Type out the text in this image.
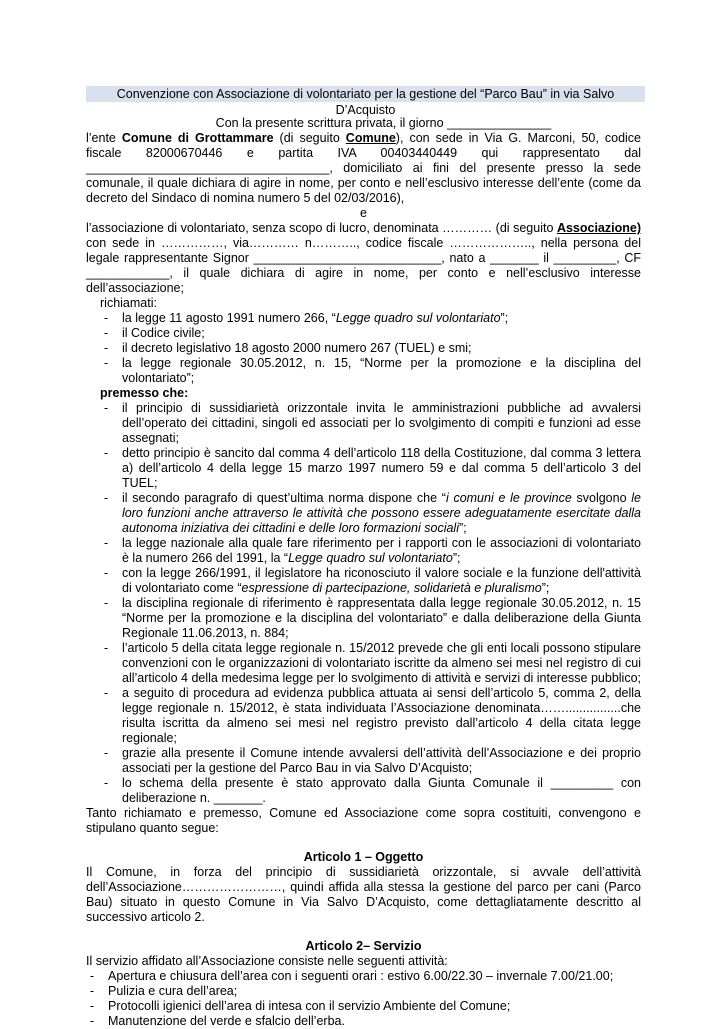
Convenzione con Associazione di volontariato per la gestione del “Parco Bau” in via Salvo D’Acquisto
Con la presente scrittura privata, il giorno _______________

l’ente Comune di Grottammare (di seguito Comune), con sede in Via G. Marconi, 50, codice fiscale 82000670446 e partita IVA 00403440449 qui rappresentato dal ___________________________________, domiciliato ai fini del presente presso la sede comunale, il quale dichiara di agire in nome, per conto e nell’esclusivo interesse dell’ente (come da decreto del Sindaco di nomina numero 5 del 02/03/2016),

e

l’associazione di volontariato, senza scopo di lucro, denominata ………… (di seguito Associazione) con sede in ……………, via………… n……….., codice fiscale ……………….., nella persona del legale rappresentante Signor ___________________________, nato a _______ il _________, CF ____________, il quale dichiara di agire in nome, per conto e nell’esclusivo interesse dell’associazione;

richiamati:

- la legge 11 agosto 1991 numero 266, “Legge quadro sul volontariato”;
- il Codice civile;
- il decreto legislativo 18 agosto 2000 numero 267 (TUEL) e smi;
- la legge regionale 30.05.2012, n. 15, “Norme per la promozione e la disciplina del volontariato”;

premesso che:

- il principio di sussidiarietà orizzontale invita le amministrazioni pubbliche ad avvalersi dell’operato dei cittadini, singoli ed associati per lo svolgimento di compiti e funzioni ad esse assegnati;
- detto principio è sancito dal comma 4 dell’articolo 118 della Costituzione, dal comma 3 lettera a) dell’articolo 4 della legge 15 marzo 1997 numero 59 e dal comma 5 dell’articolo 3 del TUEL;
- il secondo paragrafo di quest’ultima norma dispone che “i comuni e le province svolgono le loro funzioni anche attraverso le attività che possono essere adeguatamente esercitate dalla autonoma iniziativa dei cittadini e delle loro formazioni sociali”;
- la legge nazionale alla quale fare riferimento per i rapporti con le associazioni di volontariato è la numero 266 del 1991, la “Legge quadro sul volontariato”;
- con la legge 266/1991, il legislatore ha riconosciuto il valore sociale e la funzione dell'attività di volontariato come “espressione di partecipazione, solidarietà e pluralismo”;
- la disciplina regionale di riferimento è rappresentata dalla legge regionale 30.05.2012, n. 15 “Norme per la promozione e la disciplina del volontariato” e dalla deliberazione della Giunta Regionale 11.06.2013, n. 884;
- l’articolo 5 della citata legge regionale n. 15/2012 prevede che gli enti locali possono stipulare convenzioni con le organizzazioni di volontariato iscritte da almeno sei mesi nel registro di cui all’articolo 4 della medesima legge per lo svolgimento di attività e servizi di interesse pubblico;
- a seguito di procedura ad evidenza pubblica attuata ai sensi dell’articolo 5, comma 2, della legge regionale n. 15/2012, è stata individuata l’Associazione denominata……................che risulta iscritta da almeno sei mesi nel registro previsto dall’articolo 4 della citata legge regionale;
- grazie alla presente il Comune intende avvalersi dell’attività dell’Associazione e dei proprio associati per la gestione del Parco Bau in via Salvo D’Acquisto;
- lo schema della presente è stato approvato dalla Giunta Comunale il _________ con deliberazione n. _______.

Tanto richiamato e premesso, Comune ed Associazione come sopra costituiti, convengono e stipulano quanto segue:

Articolo 1 – Oggetto

Il Comune, in forza del principio di sussidiarietà orizzontale, si avvale dell’attività dell’Associazione……………………, quindi affida alla stessa la gestione del parco per cani (Parco Bau) situato in questo Comune in Via Salvo D’Acquisto, come dettagliatamente descritto al successivo articolo 2.

Articolo 2– Servizio

Il servizio affidato all’Associazione consiste nelle seguenti attività:

- Apertura e chiusura dell’area con i seguenti orari : estivo 6.00/22.30 – invernale 7.00/21.00;
- Pulizia e cura dell’area;
- Protocolli igienici dell’area di intesa con il servizio Ambiente del Comune;
- Manutenzione del verde e sfalcio dell’erba.
